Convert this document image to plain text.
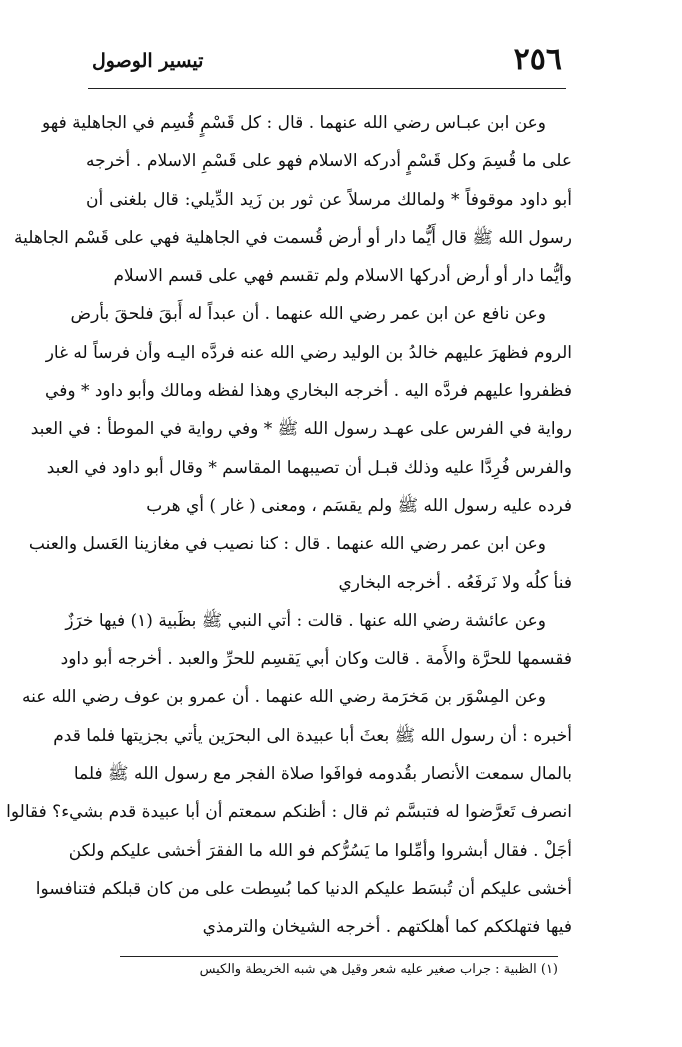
٢٥٦
تيسير الوصول
وعن ابن عبـاس رضي الله عنهما . قال : كل قَسْمٍ قُسِم في الجاهلية فهو
على ما قُسِمَ وكل قَسْمٍ أدركه الاسلام فهو على قَسْمِ الاسلام . أخرجه
أبو داود موقوفاً * ولمالك مرسلاً عن ثور بن زَيد الدِّيلي: قال بلغنى أن
رسول الله ﷺ قال أَيُّما دار أو أرض قُسمت في الجاهلية فهي على قَسْم الجاهلية
وأيُّما دار أو أرض أدركها الاسلام ولم تقسم فهي على قسم الاسلام
وعن نافع عن ابن عمر رضي الله عنهما . أن عبداً له أَبقَ فلحقَ بأرض
الروم فظهرَ عليهم خالدُ بن الوليد رضي الله عنه فردَّه اليـه وأن فرساً له غار
فظفروا عليهم فردَّه اليه . أخرجه البخاري وهذا لفظه ومالك وأبو داود * وفي
رواية في الفرس على عهـد رسول الله ﷺ * وفي رواية في الموطأ : في العبد
والفرس فُرِدَّا عليه وذلك قبـل أن تصيبهما المقاسم * وقال أبو داود في العبد
فرده عليه رسول الله ﷺ ولم يقسَم ، ومعنى ( غار ) أي هرب
وعن ابن عمر رضي الله عنهما . قال : كنا نصيب في مغازينا العَسل والعنب
فنأ كلُه ولا نَرفَعُه . أخرجه البخاري
وعن عائشة رضي الله عنها . قالت : أتي النبي ﷺ بظَبية (١) فيها خرَزٌ
فقسمها للحرَّة والأَمة . قالت وكان أبي يَقسِم للحرِّ والعبد . أخرجه أبو داود
وعن المِسْوَر بن مَخرَمة رضي الله عنهما . أن عمرو بن عوف رضي الله عنه
أخبره : أن رسول الله ﷺ بعثَ أبا عبيدة الى البحرَين يأتي بجزيتها فلما قدم
بالمال سمعت الأنصار بقُدومه فوافَوا صلاة الفجر مع رسول الله ﷺ فلما
انصرف تَعرَّضوا له فتبسَّم ثم قال : أظنكم سمعتم أن أبا عبيدة قدم بشيء؟ فقالوا
أجَلْ . فقال أبشروا وأمِّلوا ما يَسُرُّكم فو الله ما الفقرَ أخشى عليكم ولكن
أخشى عليكم أن تُبسَط عليكم الدنيا كما بُسِطت على من كان قبلكم فتنافسوا
فيها فتهلككم كما أهلكتهم . أخرجه الشيخان والترمذي
(١) الظبية : جراب صغير عليه شعر وقيل هي شبه الخريطة والكيس
